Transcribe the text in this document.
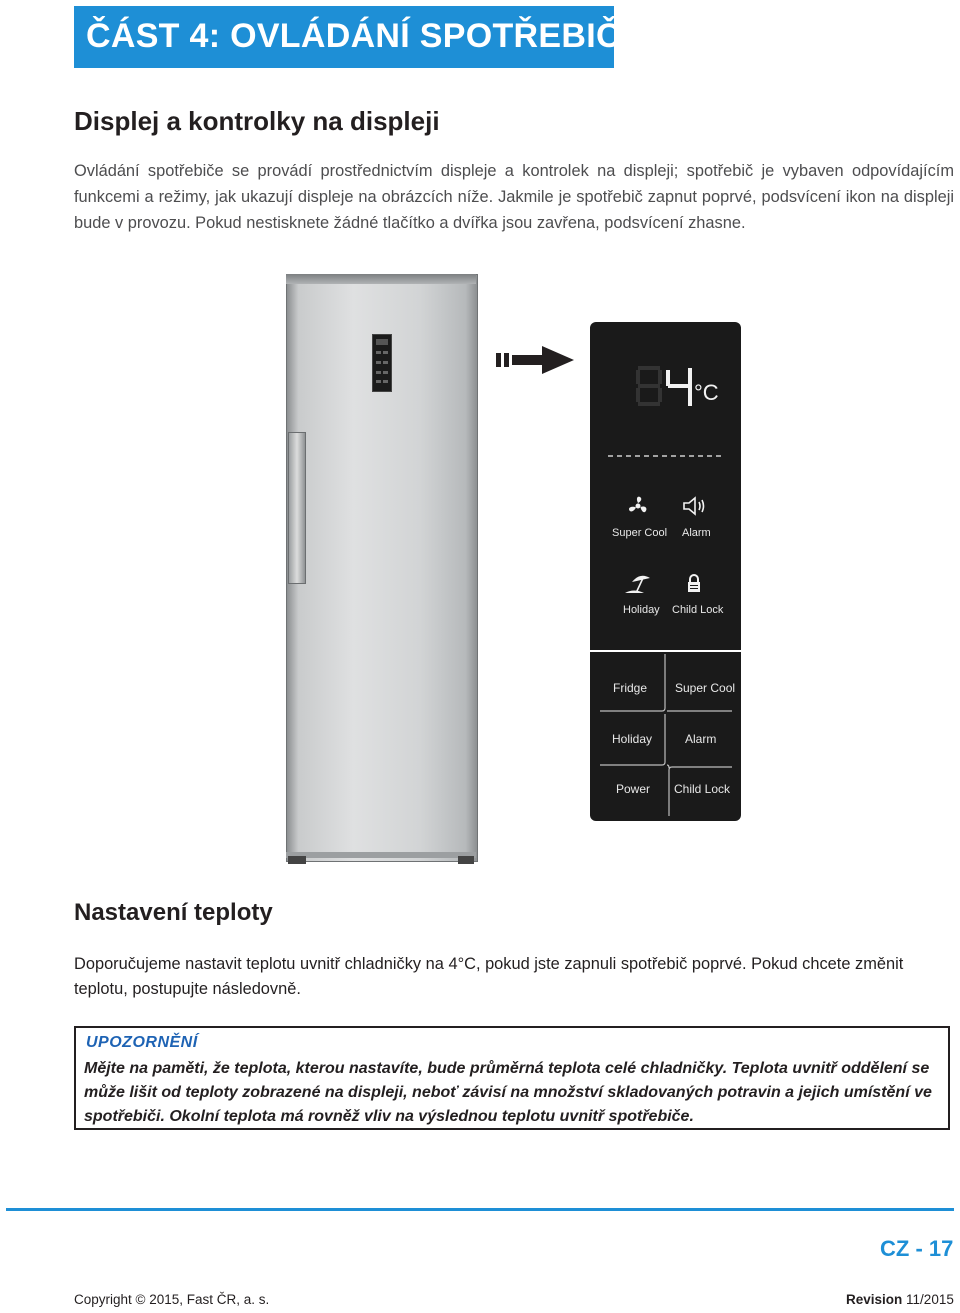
ČÁST 4: OVLÁDÁNÍ SPOTŘEBIČE
Displej a kontrolky na displeji
Ovládání spotřebiče se provádí prostřednictvím displeje a kontrolek na displeji; spotřebič je vybaven odpovídajícím funkcemi a režimy, jak ukazují displeje na obrázcích níže. Jakmile je spotřebič zapnut poprvé, podsvícení ikon na displeji bude v provozu. Pokud nestisknete žádné tlačítko a dvířka jsou zavřena, podsvícení zhasne.
°C
Super Cool Alarm
Holiday Child Lock
Fridge Super Cool
Holiday	Alarm
Power Child Lock
Nastavení teploty
Doporučujeme nastavit teplotu uvnitř chladničky na 4°C, pokud jste zapnuli spotřebič poprvé. Pokud chcete změnit teplotu, postupujte následovně.
UPOZORNĚNÍ
Mějte na paměti, že teplota, kterou nastavíte, bude průměrná teplota celé chladničky. Teplota uvnitř oddělení se může lišit od teploty zobrazené na displeji, neboť závisí na množství skladovaných potravin a jejich umístění ve spotřebiči. Okolní teplota má rovněž vliv na výslednou teplotu uvnitř spotřebiče.
CZ - 17
Copyright © 2015, Fast ČR, a. s.	Revision 11/2015
